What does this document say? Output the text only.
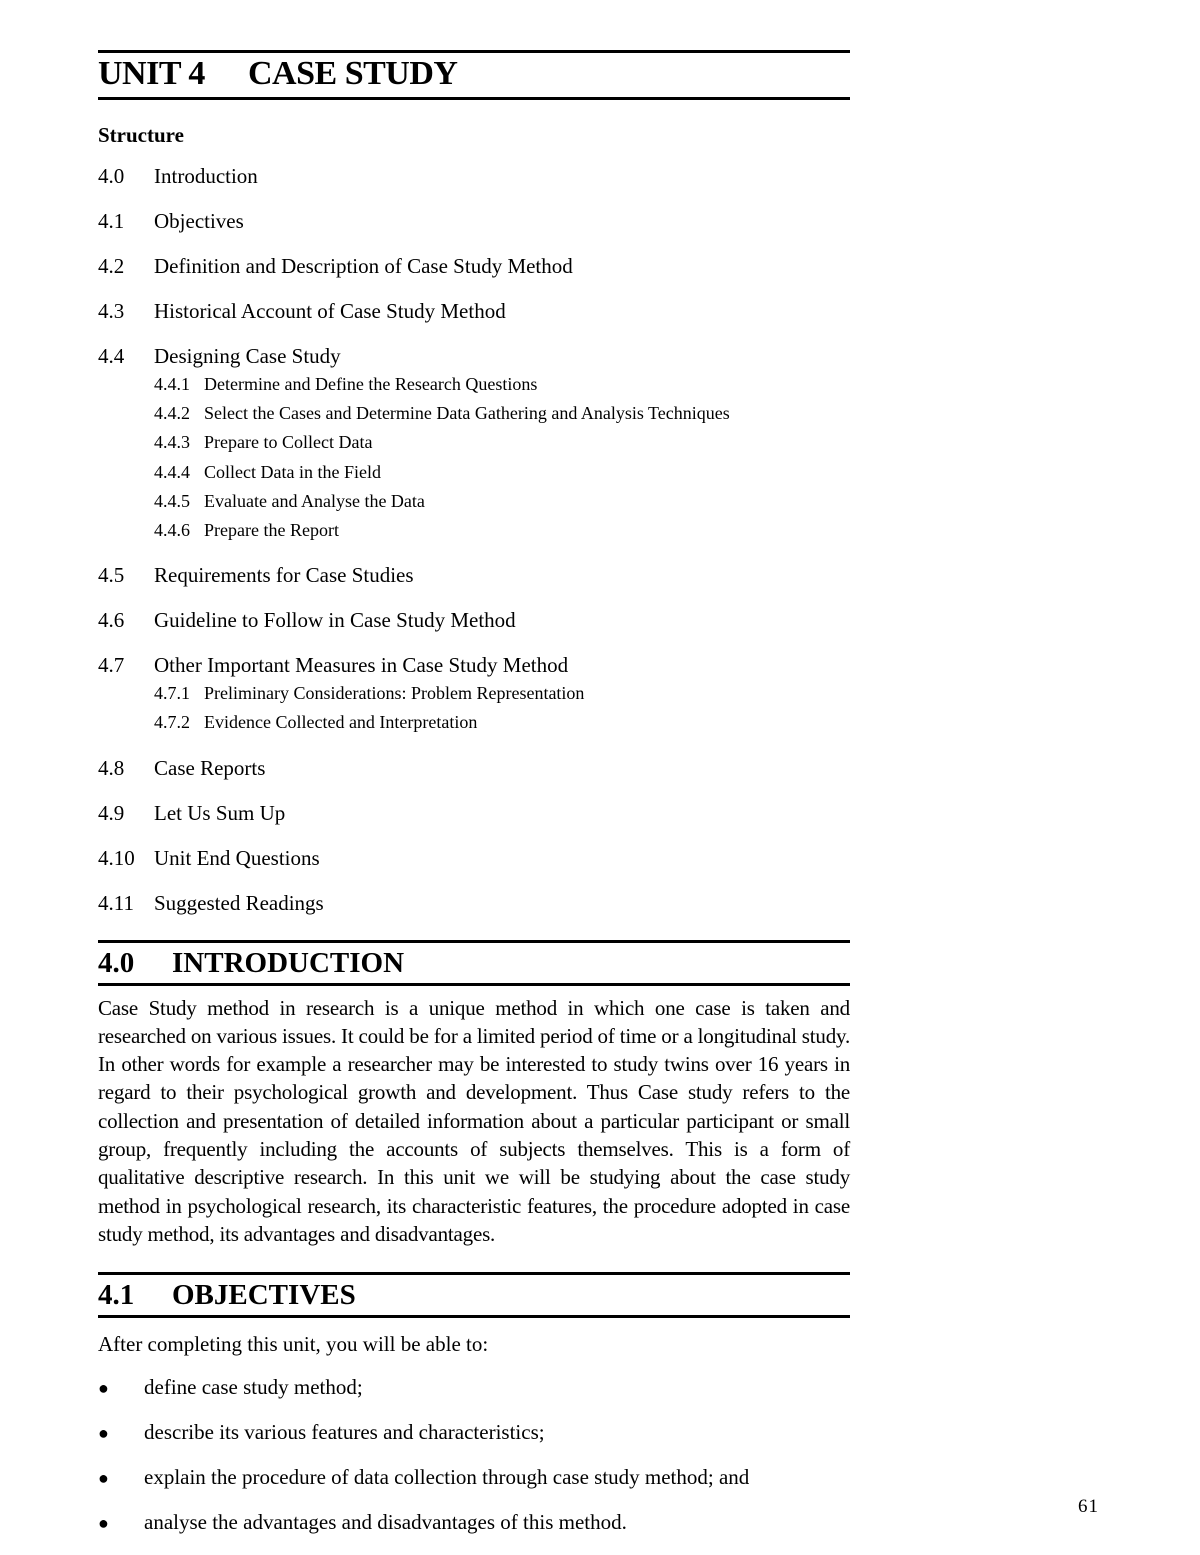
UNIT 4 CASE STUDY
Structure
4.0 Introduction
4.1 Objectives
4.2 Definition and Description of Case Study Method
4.3 Historical Account of Case Study Method
4.4 Designing Case Study
4.4.1 Determine and Define the Research Questions
4.4.2 Select the Cases and Determine Data Gathering and Analysis Techniques
4.4.3 Prepare to Collect Data
4.4.4 Collect Data in the Field
4.4.5 Evaluate and Analyse the Data
4.4.6 Prepare the Report
4.5 Requirements for Case Studies
4.6 Guideline to Follow in Case Study Method
4.7 Other Important Measures in Case Study Method
4.7.1 Preliminary Considerations: Problem Representation
4.7.2 Evidence Collected and Interpretation
4.8 Case Reports
4.9 Let Us Sum Up
4.10 Unit End Questions
4.11 Suggested Readings
4.0 INTRODUCTION
Case Study method in research is a unique method in which one case is taken and researched on various issues. It could be for a limited period of time or a longitudinal study. In other words for example a researcher may be interested to study twins over 16 years in regard to their psychological growth and development. Thus Case study refers to the collection and presentation of detailed information about a particular participant or small group, frequently including the accounts of subjects themselves. This is a form of qualitative descriptive research. In this unit we will be studying about the case study method in psychological research, its characteristic features, the procedure adopted in case study method, its advantages and disadvantages.
4.1 OBJECTIVES
After completing this unit, you will be able to:
● define case study method;
● describe its various features and characteristics;
● explain the procedure of data collection through case study method; and
● analyse the advantages and disadvantages of this method.
61
